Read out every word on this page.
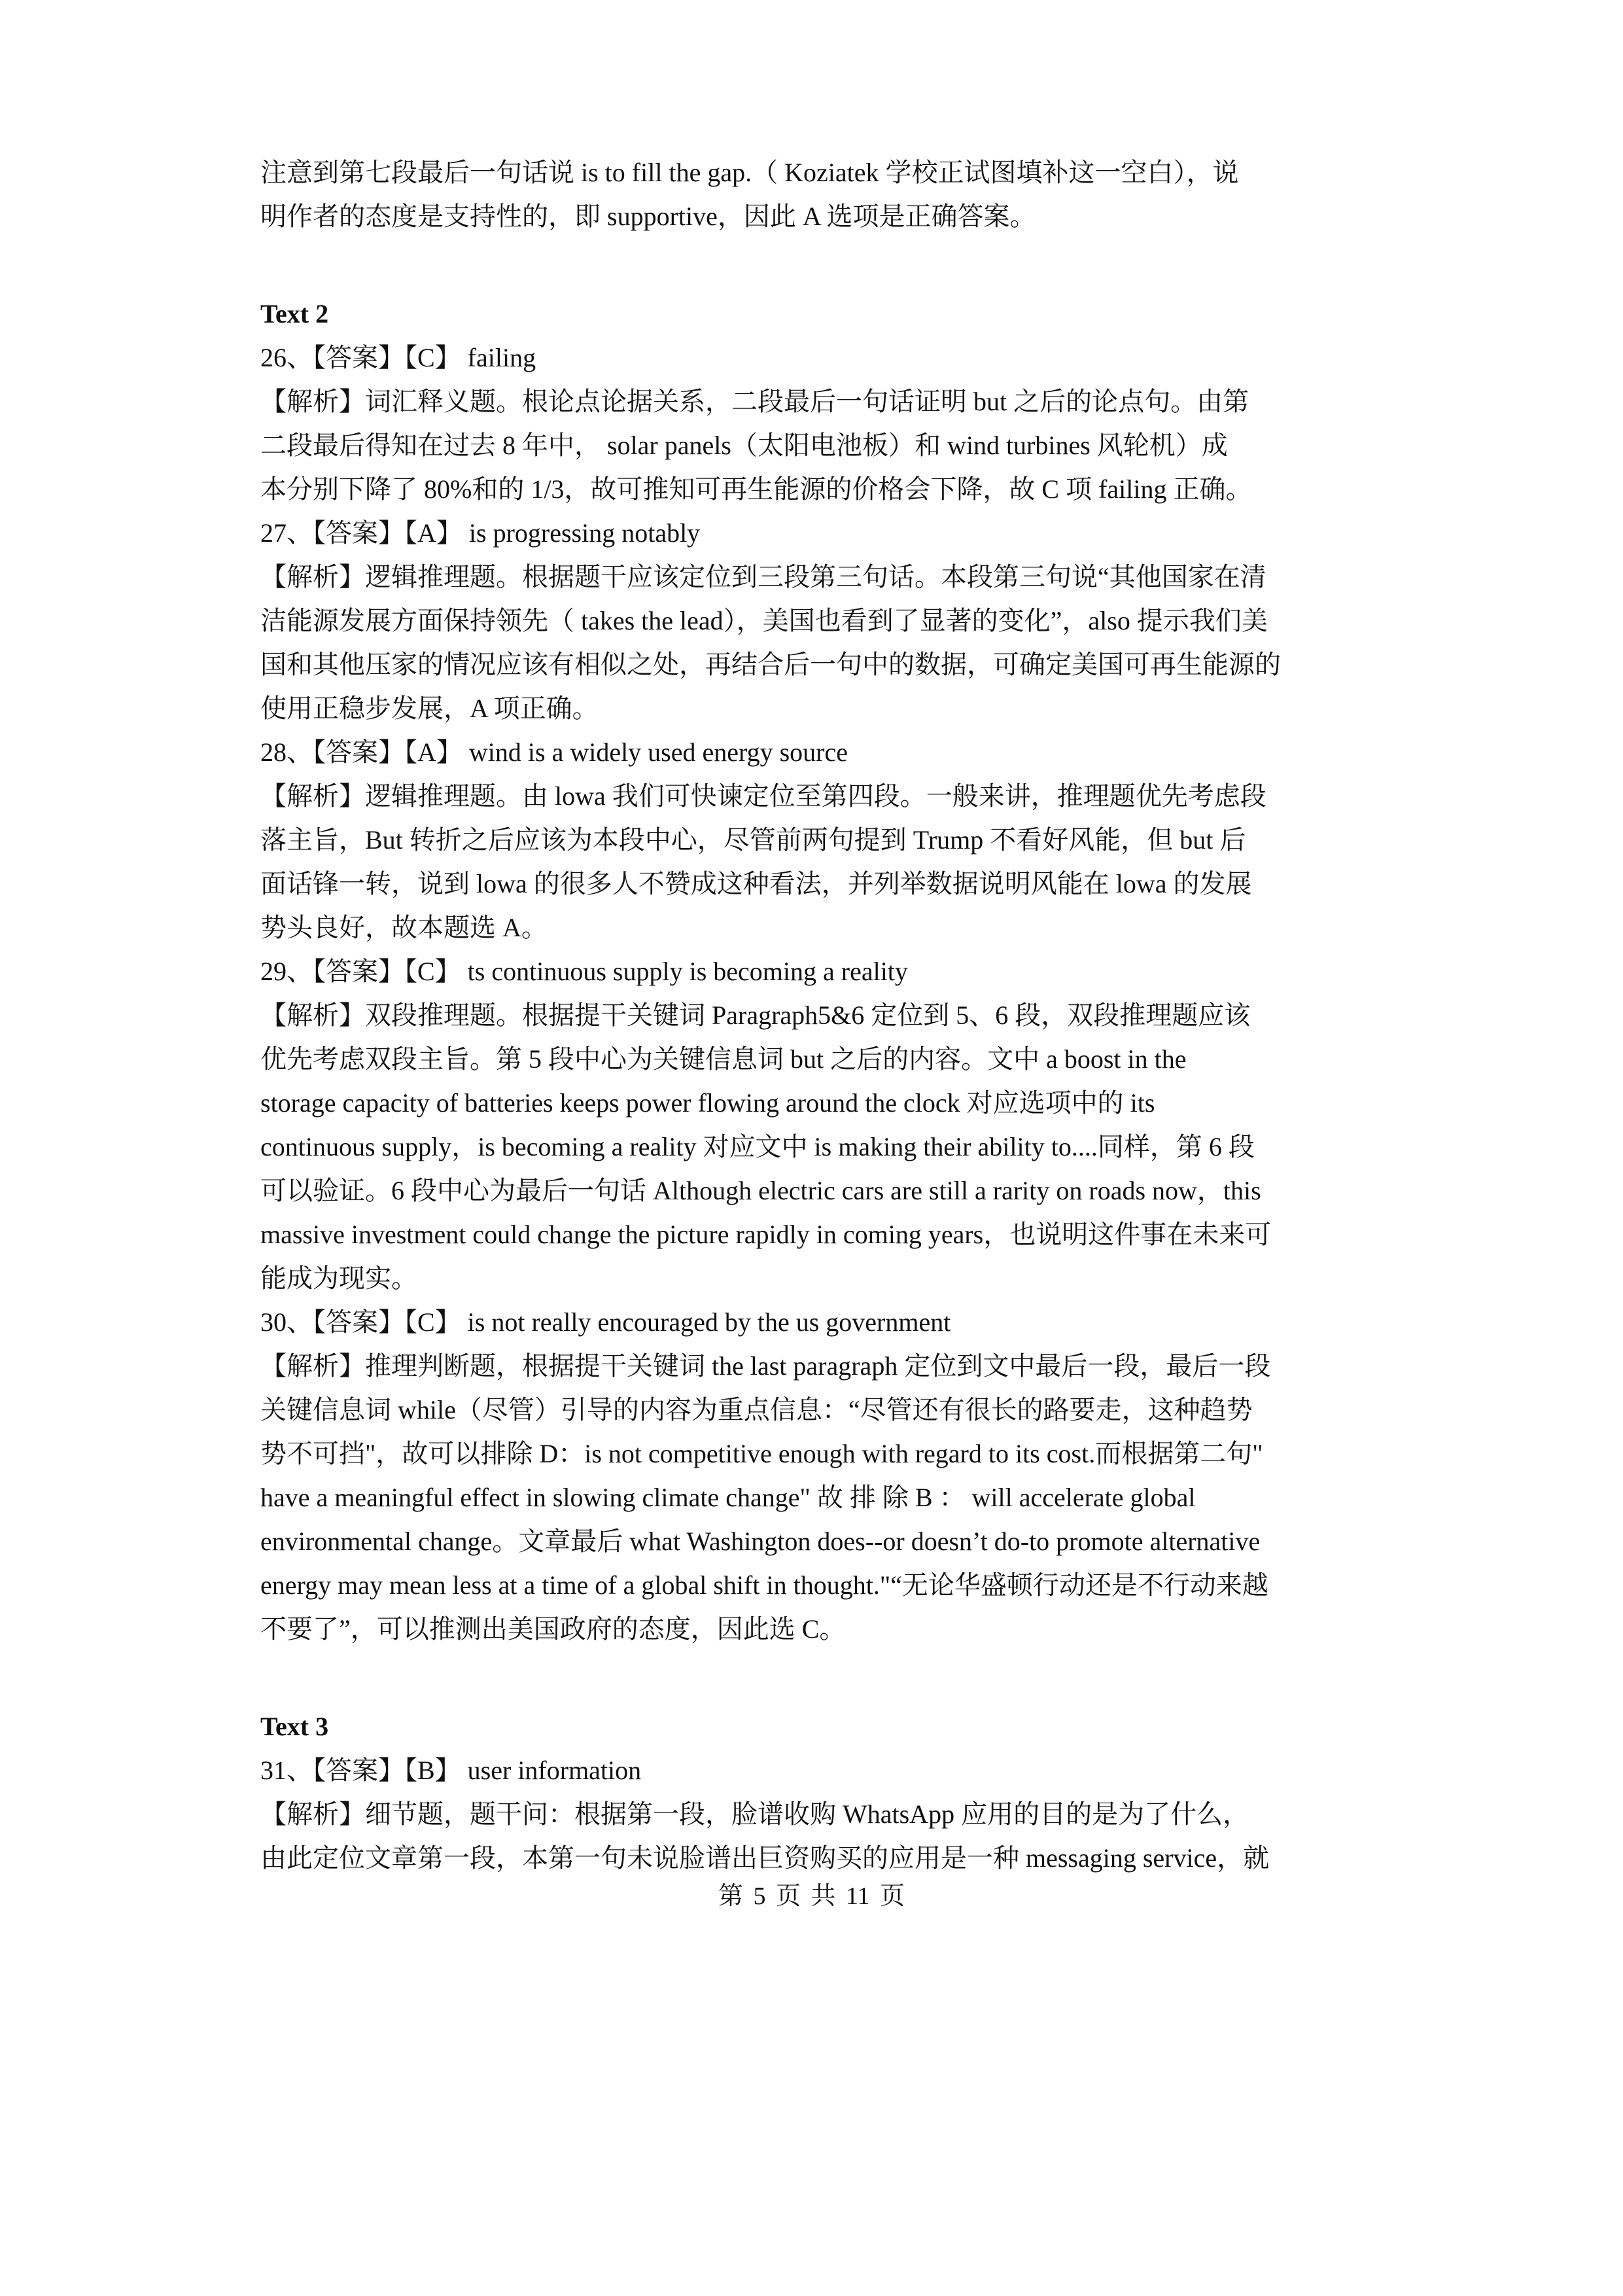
注意到第七段最后一句话说 is to fill the gap.（ Koziatek 学校正试图填补这一空白），说

明作者的态度是支持性的，即 supportive，因此 A 选项是正确答案。

Text 2

26、【答案】【C】 failing

【解析】词汇释义题。根论点论据关系，二段最后一句话证明 but 之后的论点句。由第

二段最后得知在过去 8 年中， solar panels（太阳电池板）和 wind turbines 风轮机）成

本分别下降了 80%和的 1/3，故可推知可再生能源的价格会下降，故 C 项 failing 正确。

27、【答案】【A】 is progressing notably

【解析】逻辑推理题。根据题干应该定位到三段第三句话。本段第三句说“其他国家在清

洁能源发展方面保持领先（ takes the lead），美国也看到了显著的变化”，also 提示我们美

国和其他压家的情况应该有相似之处，再结合后一句中的数据，可确定美国可再生能源的

使用正稳步发展，A 项正确。

28、【答案】【A】 wind is a widely used energy source

【解析】逻辑推理题。由 lowa 我们可快谏定位至第四段。一般来讲，推理题优先考虑段

落主旨，But 转折之后应该为本段中心，尽管前两句提到 Trump 不看好风能，但 but 后

面话锋一转，说到 lowa 的很多人不赞成这种看法，并列举数据说明风能在 lowa 的发展

势头良好，故本题选 A。

29、【答案】【C】 ts continuous supply is becoming a reality

【解析】双段推理题。根据提干关键词 Paragraph5&6 定位到 5、6 段，双段推理题应该

优先考虑双段主旨。第 5 段中心为关键信息词 but 之后的内容。文中 a boost in the

storage capacity of batteries keeps power flowing around the clock 对应选项中的 its

continuous supply，is becoming a reality 对应文中 is making their ability to....同样，第 6 段

可以验证。6 段中心为最后一句话 Although electric cars are still a rarity on roads now，this

massive investment could change the picture rapidly in coming years，也说明这件事在未来可

能成为现实。

30、【答案】【C】 is not really encouraged by the us government

【解析】推理判断题，根据提干关键词 the last paragraph 定位到文中最后一段，最后一段

关键信息词 while（尽管）引导的内容为重点信息：“尽管还有很长的路要走，这种趋势

势不可挡"，故可以排除 D：is not competitive enough with regard to its cost.而根据第二句"

have a meaningful effect in slowing climate change" 故 排 除 B ： will accelerate global

environmental change。文章最后 what Washington does--or doesn’t do-to promote alternative

energy may mean less at a time of a global shift in thought."“无论华盛顿行动还是不行动来越

不要了”，可以推测出美国政府的态度，因此选 C。

Text 3

31、【答案】【B】 user information

【解析】细节题，题干问：根据第一段，脸谱收购 WhatsApp 应用的目的是为了什么，

由此定位文章第一段，本第一句未说脸谱出巨资购买的应用是一种 messaging service，就

第 5 页 共 11 页
